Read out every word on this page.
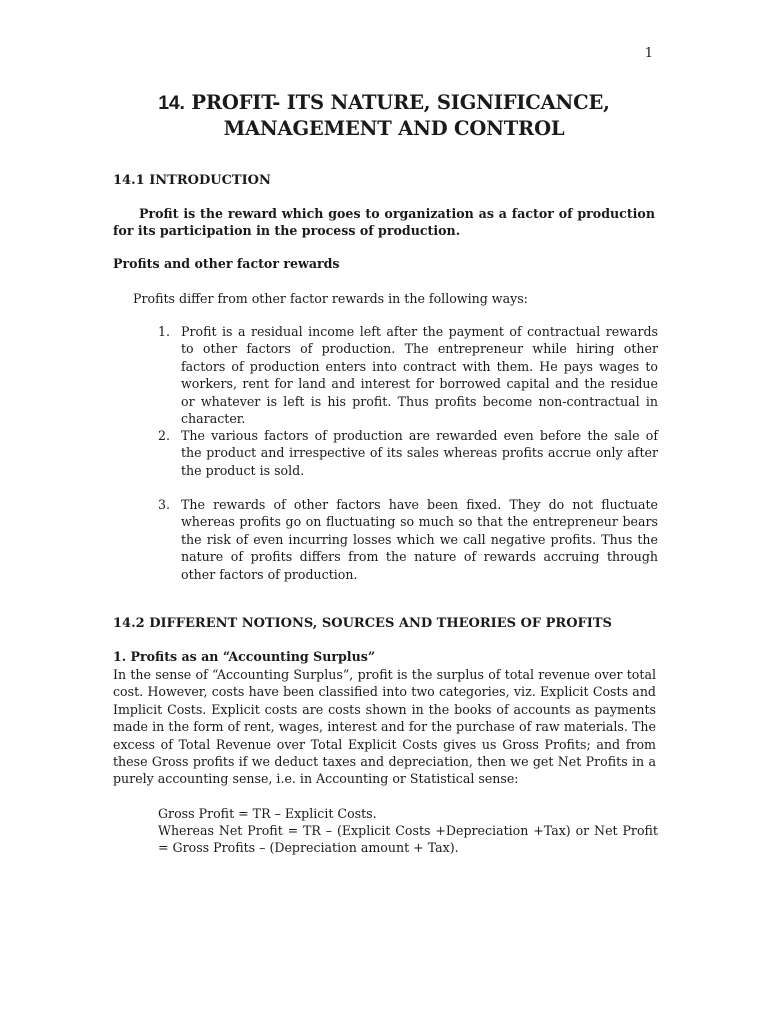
1
14. PROFIT- ITS NATURE, SIGNIFICANCE,
MANAGEMENT AND CONTROL
14.1 INTRODUCTION
Profit is the reward which goes to organization as a factor of production for its participation in the process of production.
Profits and other factor rewards
Profits differ from other factor rewards in the following ways:
1. Profit is a residual income left after the payment of contractual rewards to other factors of production. The entrepreneur while hiring other factors of production enters into contract with them. He pays wages to workers, rent for land and interest for borrowed capital and the residue or whatever is left is his profit. Thus profits become non-contractual in character.
2. The various factors of production are rewarded even before the sale of the product and irrespective of its sales whereas profits accrue only after the product is sold.
3. The rewards of other factors have been fixed. They do not fluctuate whereas profits go on fluctuating so much so that the entrepreneur bears the risk of even incurring losses which we call negative profits. Thus the nature of profits differs from the nature of rewards accruing through other factors of production.
14.2 DIFFERENT NOTIONS, SOURCES AND THEORIES OF PROFITS
1. Profits as an “Accounting Surplus”
In the sense of “Accounting Surplus”, profit is the surplus of total revenue over total cost. However, costs have been classified into two categories, viz. Explicit Costs and Implicit Costs. Explicit costs are costs shown in the books of accounts as payments made in the form of rent, wages, interest and for the purchase of raw materials. The excess of Total Revenue over Total Explicit Costs gives us Gross Profits; and from these Gross profits if we deduct taxes and depreciation, then we get Net Profits in a purely accounting sense, i.e. in Accounting or Statistical sense:
Gross Profit = TR – Explicit Costs.
Whereas Net Profit = TR – (Explicit Costs +Depreciation +Tax) or Net Profit = Gross Profits – (Depreciation amount + Tax).
